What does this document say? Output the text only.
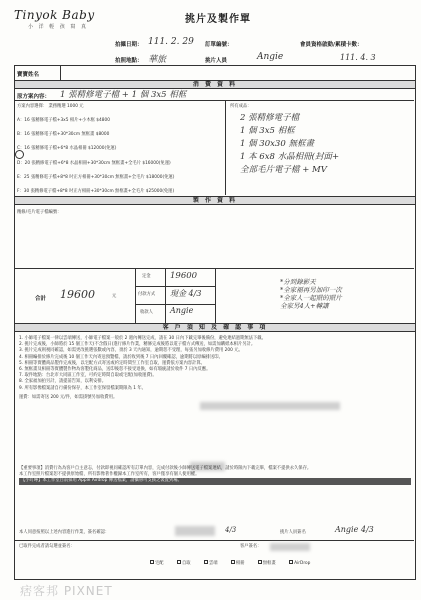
Tinyok Baby
小 洋 輕 孩 寫 真
挑片及製作單
拍攝日期： 111. 2. 29
拍照地點： 華旅
訂單編號：	會員資格啟動/累積卡數：
挑片人員	Angie	111. 4. 3
寶寶姓名
消 費 資 料
原方案內容： 1 張精修電子檔 + 1 個 3x5 相框
方案內容選擇： 業務精選 1000 元
A：16 張精修電子檔+3x5 相片+小木框 $4800
B：16 張精修電子檔+30*30cm 無框畫 $8000
C：16 張精修電子檔+6*8 水晶相冊 $12000(免運)
D：20 張精修電子檔+6*8 水晶相冊+30*30cm 無框畫+全毛片 $16000(免運)
E：25 張精修電子檔+8*8 吋正方相冊+30*30cm 無框畫+全毛片 $18000(免運)
F：30 張精修電子檔+8*8 吋正方相冊+30*30cm 無框畫+全毛片 $25000(免運)
所有成品：
2 張精修電子檔
1 個 3x5 相框
1 個 30x30 無框畫
1 本 6x8 水晶相冊(封面+
全部毛片電子檔 + MV
製 作 資 料
精修/毛片電子檔編號：
定金 19600
付款方式 現金 4/3
收款人 Angie
合計 19600	元
*分到錄影天
*全家福再另加印一次
*全家人一起照的照片
全家另4人+轉讓
客 戶 須 知 及 確 認 事 項
1. 小師電子檔案一律以雲端傳送，小師電子檔案一般於 2 週內傳送完成，請在 30 日內下載完畢後備份，避免連結過期無法下載。
2. 挑片完成後，小師將於 15 個工作天(不含假日)進行修片作業，精修完成後將以電子檔方式傳送，如需加購紙本相片另計。
3. 挑片完成則視同確認，如需更改挑選張數或內容，須於 3 天內通知，逾期恕不受理，每張另加收修片費用 200 元。
4. 相冊編排於修片完成後 10 個工作天內寄送預覽檔，請於收到後 7 日內回覆確認，逾期將以原編排送印。
5. 相冊等實體商品製作完成後，以宅配方式寄送或約定時間至工作室自取，運費依方案內容計算。
6. 無框畫及相冊等實體製作物為客製化商品，送印後恕不接受退換，如有瑕疵請於收件 7 日內反應。
7. 取件地點：台北市大同區工作室，可約定時間自取或宅配(加收運費)。
8. 全家福加拍另計，請提前告知，以利安排。
9. 所有影像檔案請自行備份保存，本工作室保留檔案期限為 1 年。
運費：如需寄送 200 元/件，如需掛號另加收費用。
【重要事項】消費行為為客戶自主意志，付款即視同確認所有訂單內容，完成付款後小師傳送電子檔案連結，請於時限內下載完畢，檔案不提供永久保存。
本工作室照片檔案恕不提供原始檔，所有影像著作權歸本工作室所有，客戶僅享有個人使用權。
【小叮嚀】本工作室目前採用 Apple Airdrop 傳送檔案，請攜帶可支援之裝置到場。
本人同意按照以上述內容進行作業，簽名確認：	4/3	挑片人員簽名	Angie 4/3
已取件完成者請勾選並簽名：	客戶簽名：
宅配	自取	雲端	相冊	無框畫	AirDrop
痞客邦 PIXNET
